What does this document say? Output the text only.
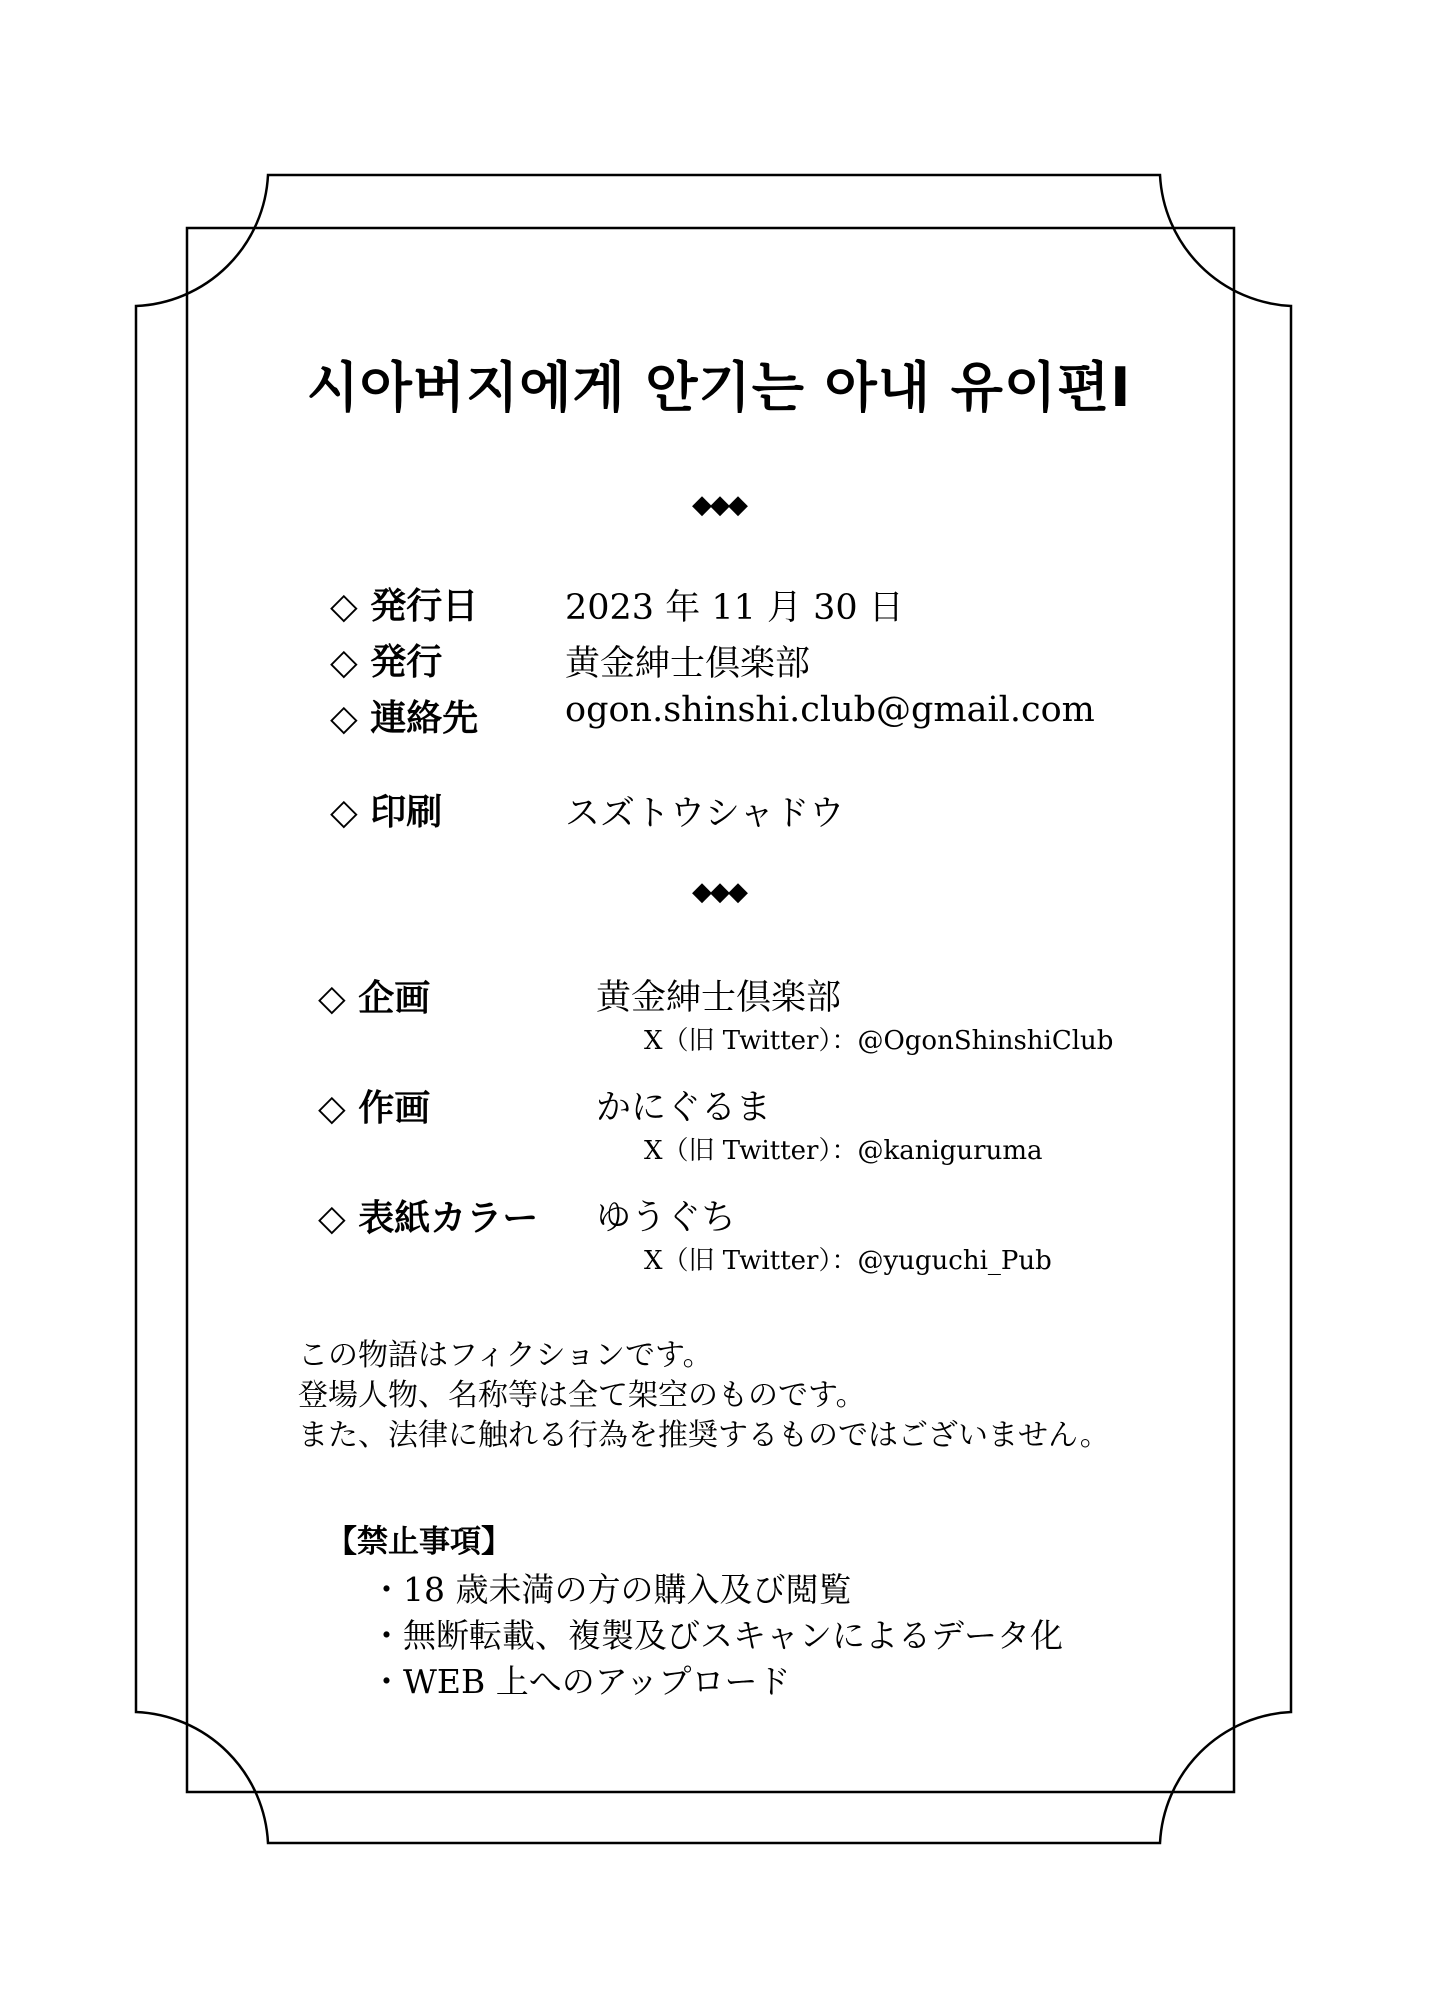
시아버지에게 안기는 아내 유이편Ⅰ
◆◆◆
◇ 発行日 2023 年 11 月 30 日
◇ 発行	黄金紳士倶楽部
◇ 連絡先 ogon.shinshi.club@gmail.com
◇ 印刷	スズトウシャドウ
◆◆◆
◇ 企画	黄金紳士倶楽部
X（旧 Twitter）：@OgonShinshiClub
◇ 作画	かにぐるま
X（旧 Twitter）：@kaniguruma
◇ 表紙カラー ゆうぐち
X（旧 Twitter）：@yuguchi_Pub
この物語はフィクションです。
登場人物、名称等は全て架空のものです。
また、法律に触れる行為を推奨するものではございません。
【禁止事項】
・18 歳未満の方の購入及び閲覧
・無断転載、複製及びスキャンによるデータ化
・WEB 上へのアップロード
